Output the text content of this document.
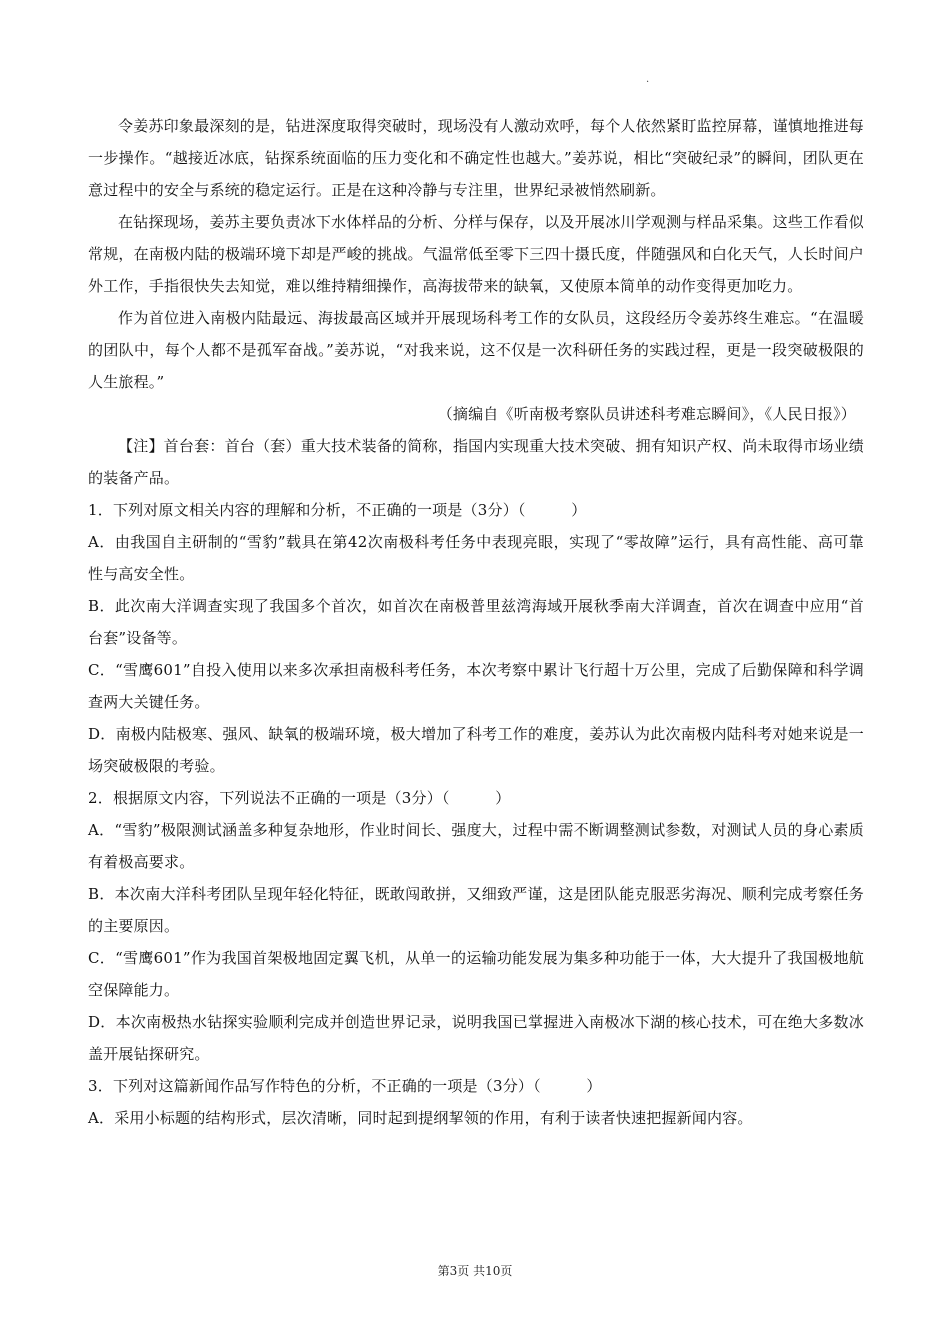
.

令姜苏印象最深刻的是，钻进深度取得突破时，现场没有人激动欢呼，每个人依然紧盯监控屏幕，谨慎地推进每一步操作。“越接近冰底，钻探系统面临的压力变化和不确定性也越大。”姜苏说，相比“突破纪录”的瞬间，团队更在意过程中的安全与系统的稳定运行。正是在这种冷静与专注里，世界纪录被悄然刷新。

在钻探现场，姜苏主要负责冰下水体样品的分析、分样与保存，以及开展冰川学观测与样品采集。这些工作看似常规，在南极内陆的极端环境下却是严峻的挑战。气温常低至零下三四十摄氏度，伴随强风和白化天气，人长时间户外工作，手指很快失去知觉，难以维持精细操作，高海拔带来的缺氧，又使原本简单的动作变得更加吃力。

作为首位进入南极内陆最远、海拔最高区域并开展现场科考工作的女队员，这段经历令姜苏终生难忘。“在温暖的团队中，每个人都不是孤军奋战。”姜苏说，“对我来说，这不仅是一次科研任务的实践过程，更是一段突破极限的人生旅程。”

（摘编自《听南极考察队员讲述科考难忘瞬间》，《人民日报》）

【注】首台套：首台（套）重大技术装备的简称，指国内实现重大技术突破、拥有知识产权、尚未取得市场业绩的装备产品。

1．下列对原文相关内容的理解和分析，不正确的一项是（3分）（　　　）

A．由我国自主研制的“雪豹”载具在第42次南极科考任务中表现亮眼，实现了“零故障”运行，具有高性能、高可靠性与高安全性。

B．此次南大洋调查实现了我国多个首次，如首次在南极普里兹湾海域开展秋季南大洋调查，首次在调查中应用“首台套”设备等。

C．“雪鹰601”自投入使用以来多次承担南极科考任务，本次考察中累计飞行超十万公里，完成了后勤保障和科学调查两大关键任务。

D．南极内陆极寒、强风、缺氧的极端环境，极大增加了科考工作的难度，姜苏认为此次南极内陆科考对她来说是一场突破极限的考验。

2．根据原文内容，下列说法不正确的一项是（3分）（　　　）

A．“雪豹”极限测试涵盖多种复杂地形，作业时间长、强度大，过程中需不断调整测试参数，对测试人员的身心素质有着极高要求。

B．本次南大洋科考团队呈现年轻化特征，既敢闯敢拼，又细致严谨，这是团队能克服恶劣海况、顺利完成考察任务的主要原因。

C．“雪鹰601”作为我国首架极地固定翼飞机，从单一的运输功能发展为集多种功能于一体，大大提升了我国极地航空保障能力。

D．本次南极热水钻探实验顺利完成并创造世界记录，说明我国已掌握进入南极冰下湖的核心技术，可在绝大多数冰盖开展钻探研究。

3．下列对这篇新闻作品写作特色的分析，不正确的一项是（3分）（　　　）

A．采用小标题的结构形式，层次清晰，同时起到提纲挈领的作用，有利于读者快速把握新闻内容。

第3页 共10页
